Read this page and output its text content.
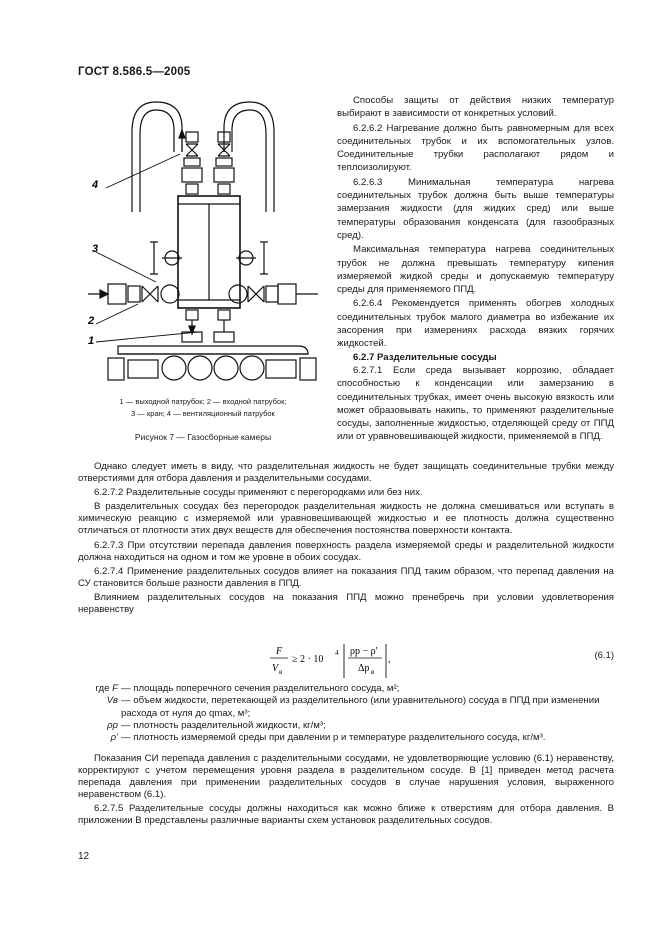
ГОСТ 8.586.5—2005
4
3
2
1
1 — выходной патрубок; 2 — входной патрубок;
3 — кран; 4 — вентиляционный патрубок
Рисунок 7 — Газосборные камеры

Способы защиты от действия низких температур выбирают в зависимости от конкретных условий.

6.2.6.2 Нагревание должно быть равномерным для всех соединительных трубок и их вспомогательных узлов. Соединительные трубки располагают рядом и теплоизолируют.

6.2.6.3 Минимальная температура нагрева соединительных трубок должна быть выше температуры замерзания жидкости (для жидких сред) или выше температуры образования конденсата (для газообразных сред).

Максимальная температура нагрева соединительных трубок не должна превышать температуру кипения измеряемой жидкой среды и допускаемую температуру среды для применяемого ППД.

6.2.6.4 Рекомендуется применять обогрев холодных соединительных трубок малого диаметра во избежание их засорения при измерениях расхода вязких горячих жидкостей.

6.2.7 Разделительные сосуды

6.2.7.1 Если среда вызывает коррозию, обладает способностью к конденсации или замерзанию в соединительных трубках, имеет очень высокую вязкость или может образовывать накипь, то применяют разделительные сосуды, заполненные жидкостью, отделяющей среду от ППД или от уравновешивающей жидкости, применяемой в ППД.

Однако следует иметь в виду, что разделительная жидкость не будет защищать соединительные трубки между отверстиями для отбора давления и разделительными сосудами.

6.2.7.2 Разделительные сосуды применяют с перегородками или без них.

В разделительных сосудах без перегородок разделительная жидкость не должна смешиваться или вступать в химическую реакцию с измеряемой или уравновешивающей жидкостью и ее плотность должна существенно отличаться от плотности этих двух веществ для обеспечения постоянства поверхности контакта.

6.2.7.3 При отсутствии перепада давления поверхность раздела измеряемой среды и разделительной жидкости должна находиться на одном и том же уровне в обоих сосудах.

6.2.7.4 Применение разделительных сосудов влияет на показания ППД таким образом, что перепад давления на СУ становится больше разности давления в ППД.

Влиянием разделительных сосудов на показания ППД можно пренебречь при условии удовлетворения неравенству

F
V в
≥ 2 · 10
4 ρр − ρ'
Δp в
,	(6.1)
где F — площадь поперечного сечения разделительного сосуда, м²;
Vв — объем жидкости, перетекающей из разделительного (или уравнительного) сосуда в ППД при изменении расхода от нуля до qmax, м³;
ρр — плотность разделительной жидкости, кг/м³;
ρ' — плотность измеряемой среды при давлении p и температуре разделительного сосуда, кг/м³.

Показания СИ перепада давления с разделительными сосудами, не удовлетворяющие условию (6.1) неравенству, корректируют с учетом перемещения уровня раздела в разделительном сосуде. В [1] приведен метод расчета перепада давления при применении разделительных сосудов в случае нарушения условия, выраженного неравенством (6.1).

6.2.7.5 Разделительные сосуды должны находиться как можно ближе к отверстиям для отбора давления. В приложении В представлены различные варианты схем установок разделительных сосудов.

12
